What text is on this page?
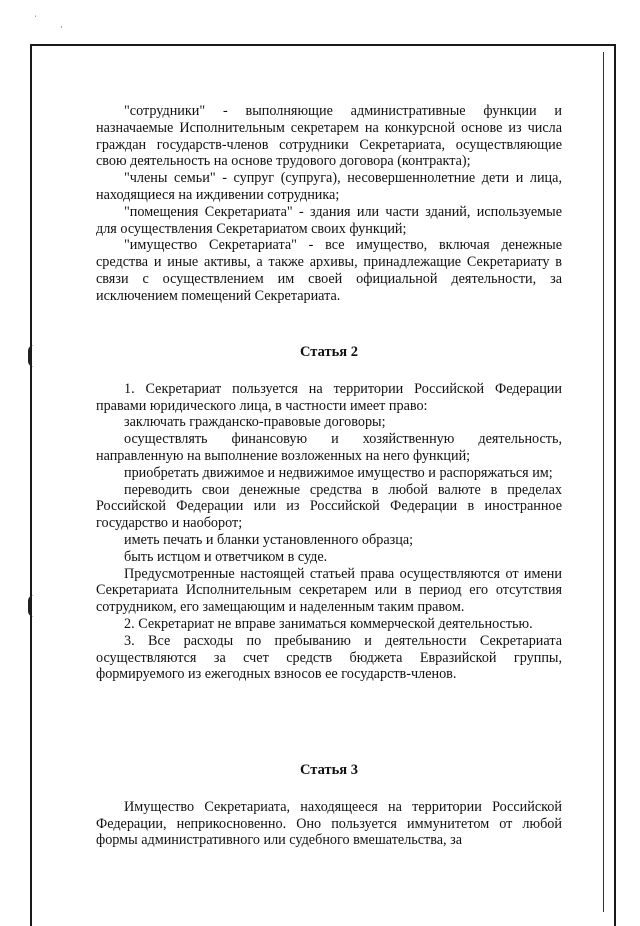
ˈ
·

"сотрудники" - выполняющие административные функции и назначаемые Исполнительным секретарем на конкурсной основе из числа граждан государств-членов сотрудники Секретариата, осуществляющие свою деятельность на основе трудового договора (контракта);

"члены семьи" - супруг (супруга), несовершеннолетние дети и лица, находящиеся на иждивении сотрудника;

"помещения Секретариата" - здания или части зданий, используемые для осуществления Секретариатом своих функций;

"имущество Секретариата" - все имущество, включая денежные средства и иные активы, а также архивы, принадлежащие Секретариату в связи с осуществлением им своей официальной деятельности, за исключением помещений Секретариата.

Статья 2

1. Секретариат пользуется на территории Российской Федерации правами юридического лица, в частности имеет право:

заключать гражданско-правовые договоры;

осуществлять финансовую и хозяйственную деятельность, направленную на выполнение возложенных на него функций;

приобретать движимое и недвижимое имущество и распоряжаться им;

переводить свои денежные средства в любой валюте в пределах Российской Федерации или из Российской Федерации в иностранное государство и наоборот;

иметь печать и бланки установленного образца;

быть истцом и ответчиком в суде.

Предусмотренные настоящей статьей права осуществляются от имени Секретариата Исполнительным секретарем или в период его отсутствия сотрудником, его замещающим и наделенным таким правом.

2. Секретариат не вправе заниматься коммерческой деятельностью.

3. Все расходы по пребыванию и деятельности Секретариата осуществляются за счет средств бюджета Евразийской группы, формируемого из ежегодных взносов ее государств-членов.

Статья 3

Имущество Секретариата, находящееся на территории Российской Федерации, неприкосновенно. Оно пользуется иммунитетом от любой формы административного или судебного вмешательства, за
